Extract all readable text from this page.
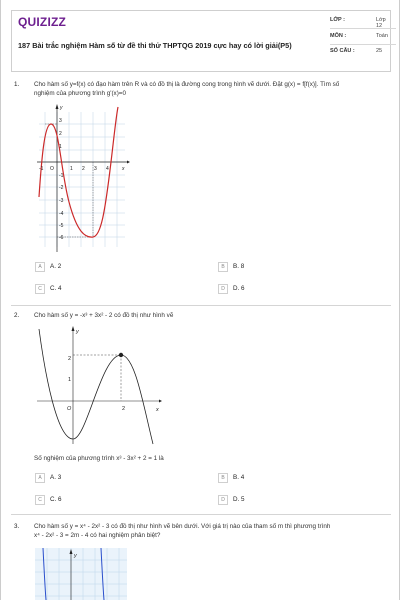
QUIZIZZ
187 Bài trắc nghiệm Hàm số từ đề thi thử THPTQG 2019 cực hay có lời giải(P5)
LỚP :	Lớp 12
MÔN :	Toán
SỐ CÂU :	25
1. Cho hàm số y=f(x) có đạo hàm trên R và có đồ thị là đường cong trong hình vẽ dưới. Đặt g(x) = f[f(x)]. Tìm số
nghiệm của phương trình g'(x)=0
3
2
1
-1
-2
-3
-4
-5
-6
-1 O	1 2 3 4	x
y
A	A. 2	B	B. 8
C	C. 4	D	D. 6
2. Cho hàm số y = -x³ + 3x² - 2 có đồ thị như hình vẽ
y
x
O	2
2
1
Số nghiệm của phương trình x³ - 3x² + 2 = 1 là
A	A. 3	B	B. 4
C	C. 6	D	D. 5
3. Cho hàm số y = x⁴ - 2x² - 3 có đồ thị như hình vẽ bên dưới. Với giá trị nào của tham số m thì phương trình
x⁴ - 2x² - 3 = 2m - 4 có hai nghiệm phân biệt?
y
